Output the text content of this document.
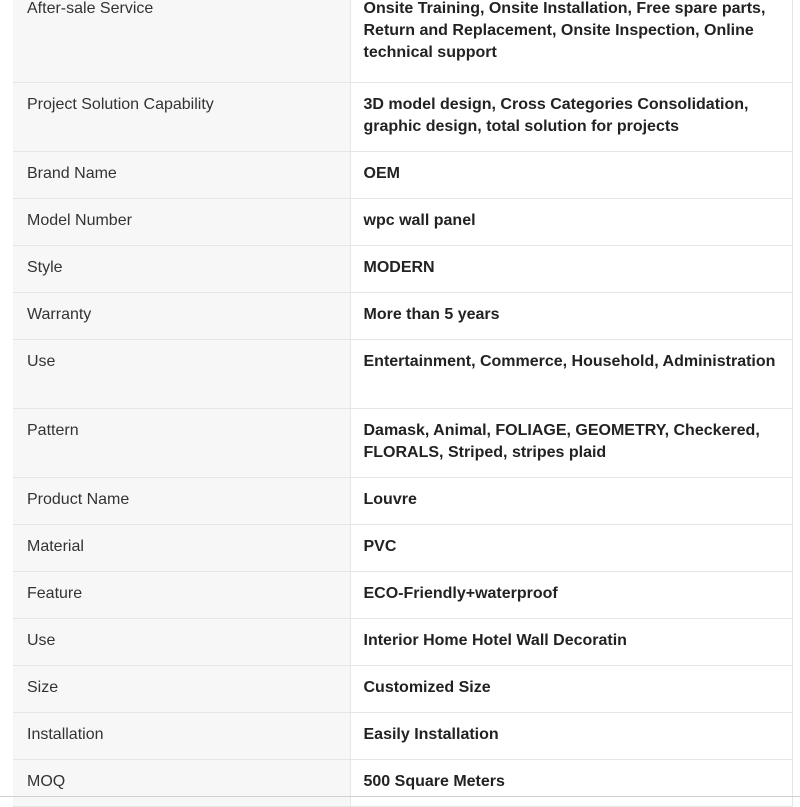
After-sale Service	Onsite Training, Onsite Installation, Free spare parts, Return and Replacement, Onsite Inspection, Online technical support

Project Solution Capability	3D model design, Cross Categories Consolidation, graphic design, total solution for projects

Brand Name	OEM

Model Number	wpc wall panel

Style	MODERN

Warranty	More than 5 years

Use	Entertainment, Commerce, Household, Administration

Pattern	Damask, Animal, FOLIAGE, GEOMETRY, Checkered, FLORALS, Striped, stripes plaid

Product Name	Louvre

Material	PVC

Feature	ECO-Friendly+waterproof

Use	Interior Home Hotel Wall Decoratin

Size	Customized Size

Installation	Easily Installation

MOQ	500 Square Meters
